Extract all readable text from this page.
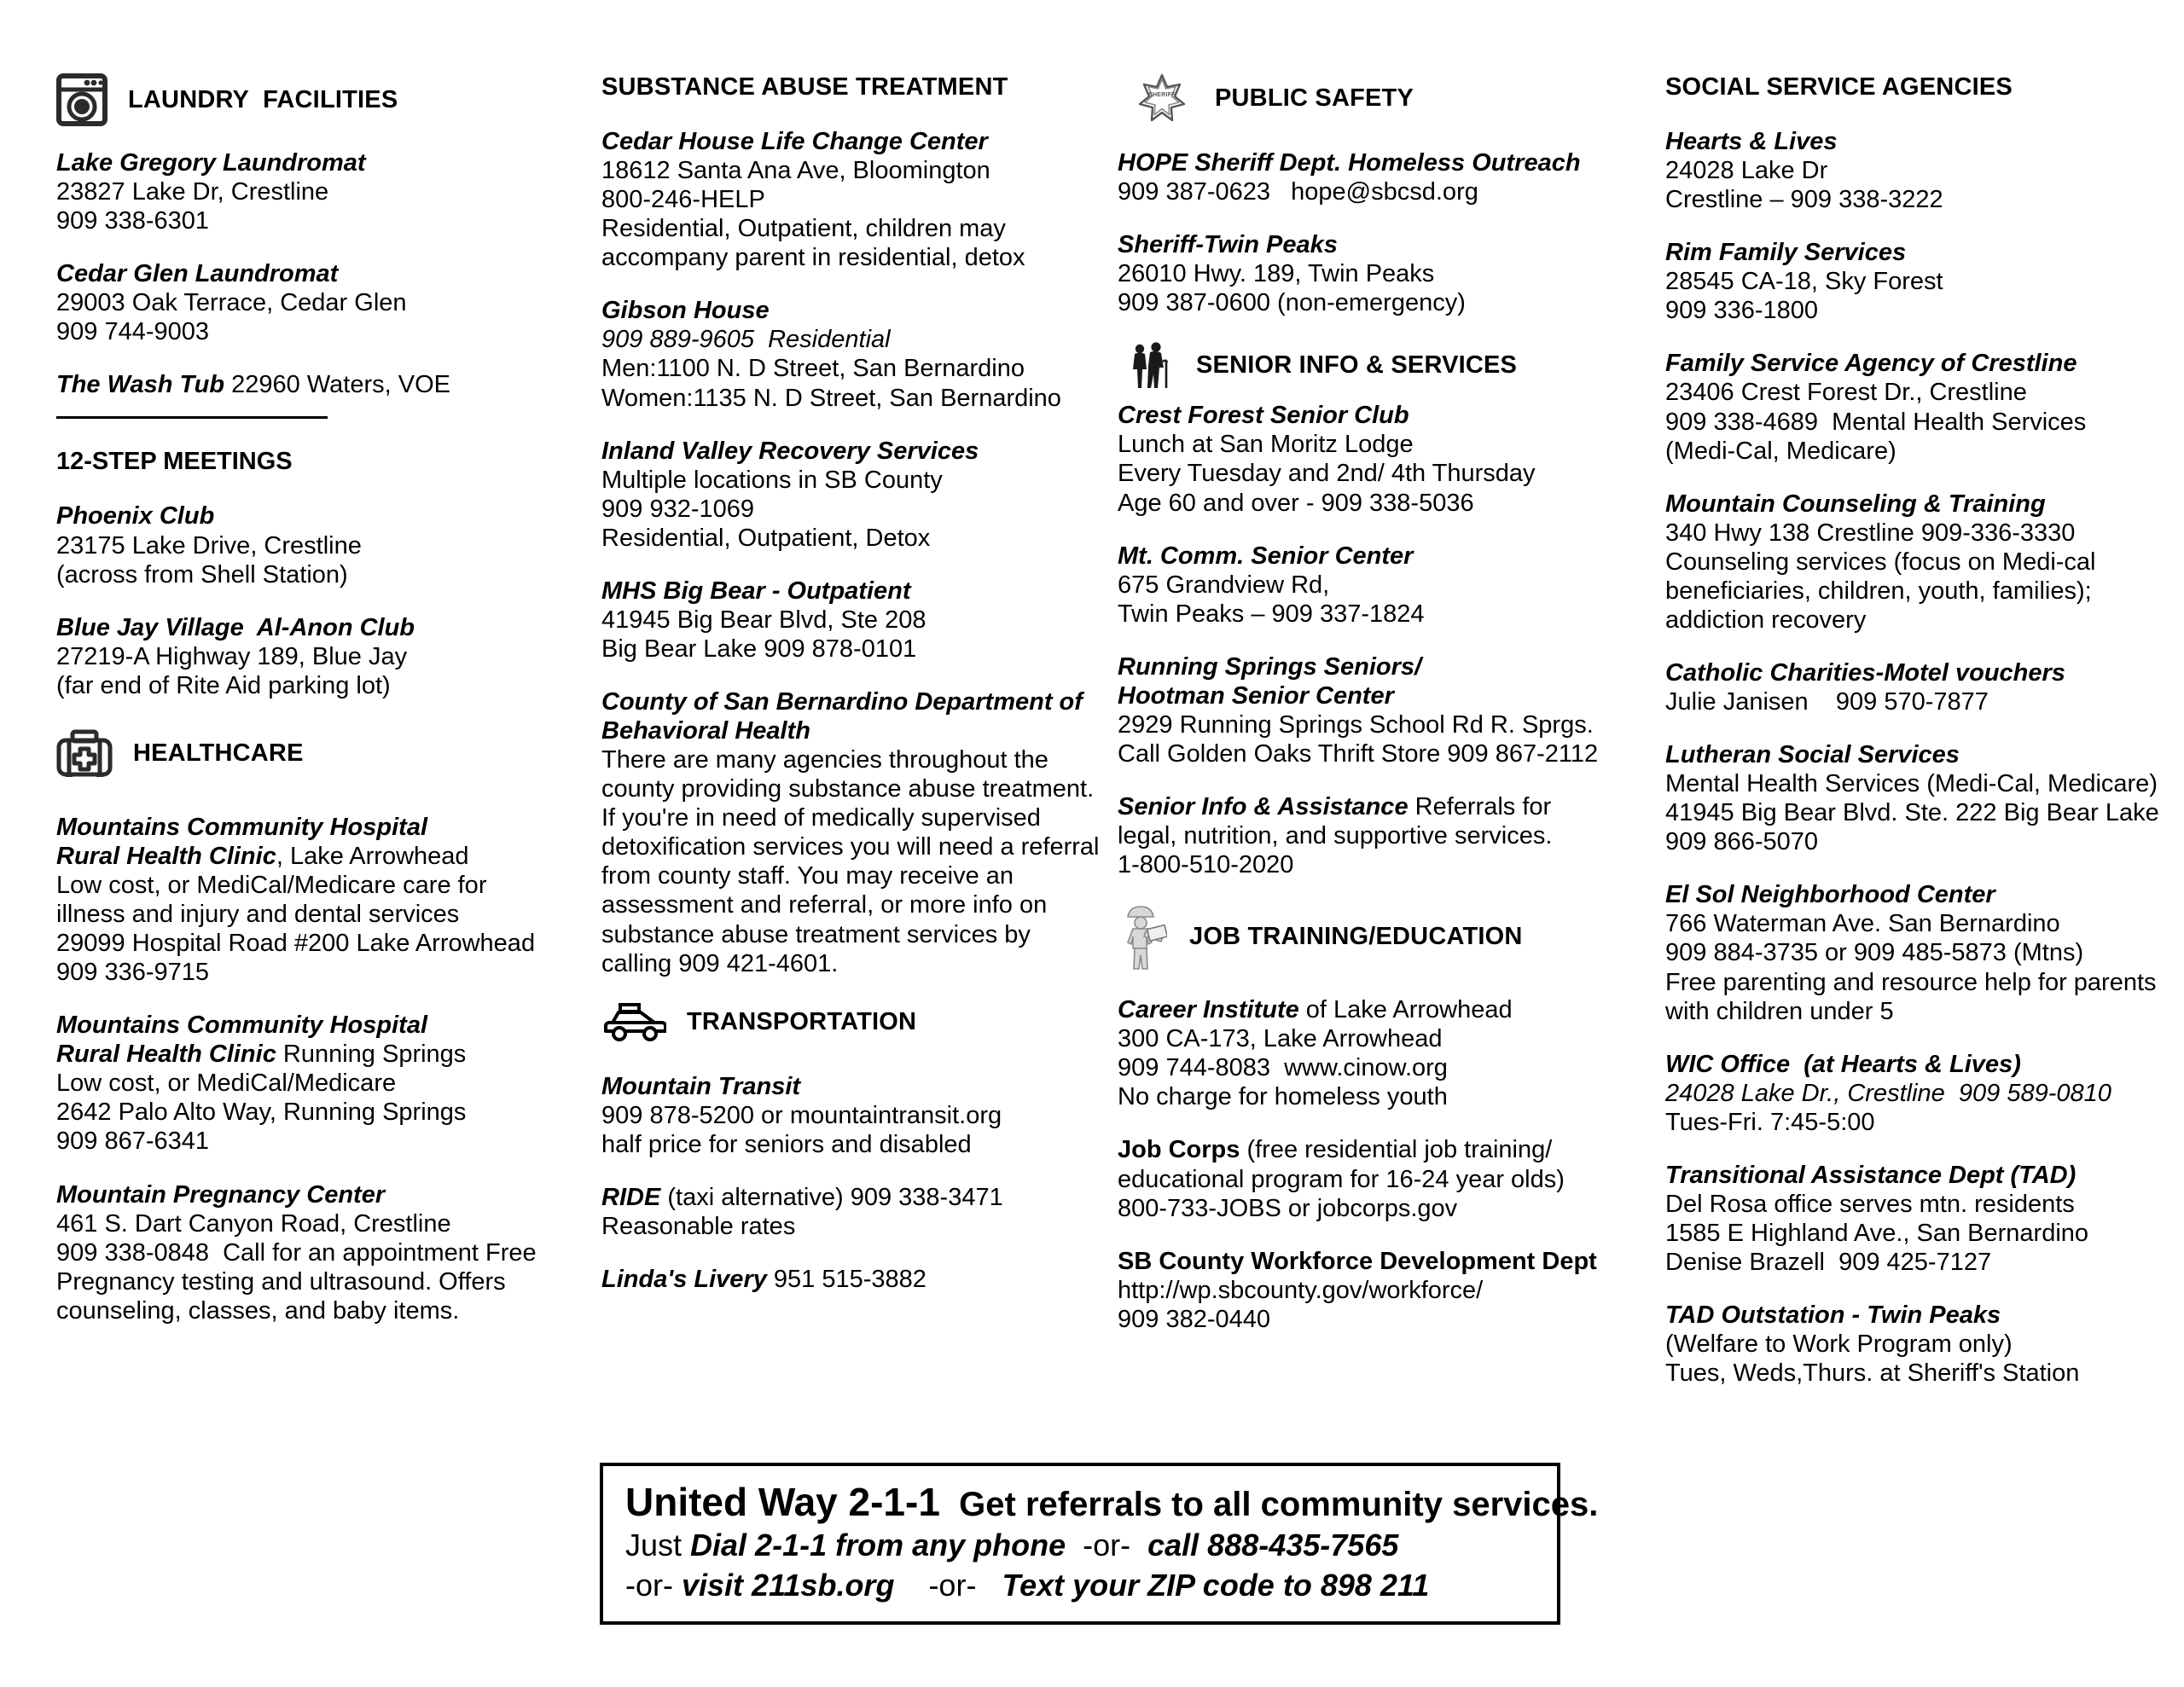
LAUNDRY  FACILITIES
Lake Gregory Laundromat
23827 Lake Dr, Crestline
909 338-6301
Cedar Glen Laundromat
29003 Oak Terrace, Cedar Glen
909 744-9003
The Wash Tub 22960 Waters, VOE
12-STEP MEETINGS
Phoenix Club
23175 Lake Drive, Crestline
(across from Shell Station)
Blue Jay Village  Al-Anon Club
27219-A Highway 189, Blue Jay
(far end of Rite Aid parking lot)
HEALTHCARE
Mountains Community Hospital
Rural Health Clinic, Lake Arrowhead
Low cost, or MediCal/Medicare care for
illness and injury and dental services
29099 Hospital Road #200 Lake Arrowhead
909 336-9715
Mountains Community Hospital
Rural Health Clinic Running Springs
Low cost, or MediCal/Medicare
2642 Palo Alto Way, Running Springs
909 867-6341
Mountain Pregnancy Center
461 S. Dart Canyon Road, Crestline
909 338-0848  Call for an appointment Free
Pregnancy testing and ultrasound. Offers
counseling, classes, and baby items.
SUBSTANCE ABUSE TREATMENT
Cedar House Life Change Center
18612 Santa Ana Ave, Bloomington
800-246-HELP
Residential, Outpatient, children may
accompany parent in residential, detox
Gibson House
909 889-9605  Residential
Men:1100 N. D Street, San Bernardino
Women:1135 N. D Street, San Bernardino
Inland Valley Recovery Services
Multiple locations in SB County
909 932-1069
Residential, Outpatient, Detox
MHS Big Bear - Outpatient
41945 Big Bear Blvd, Ste 208
Big Bear Lake 909 878-0101
County of San Bernardino Department of
Behavioral Health
There are many agencies throughout the
county providing substance abuse treatment.
If you're in need of medically supervised
detoxification services you will need a referral
from county staff. You may receive an
assessment and referral, or more info on
substance abuse treatment services by
calling 909 421-4601.
TRANSPORTATION
Mountain Transit
909 878-5200 or mountaintransit.org
half price for seniors and disabled
RIDE (taxi alternative) 909 338-3471
Reasonable rates
Linda's Livery 951 515-3882
SHERIFF PUBLIC SAFETY
HOPE Sheriff Dept. Homeless Outreach
909 387-0623   hope@sbcsd.org
Sheriff-Twin Peaks
26010 Hwy. 189, Twin Peaks
909 387-0600 (non-emergency)
SENIOR INFO & SERVICES
Crest Forest Senior Club
Lunch at San Moritz Lodge
Every Tuesday and 2nd/ 4th Thursday
Age 60 and over - 909 338-5036
Mt. Comm. Senior Center
675 Grandview Rd,
Twin Peaks – 909 337-1824
Running Springs Seniors/
Hootman Senior Center
2929 Running Springs School Rd R. Sprgs.
Call Golden Oaks Thrift Store 909 867-2112
Senior Info & Assistance Referrals for
legal, nutrition, and supportive services.
1-800-510-2020
JOB TRAINING/EDUCATION
Career Institute of Lake Arrowhead
300 CA-173, Lake Arrowhead
909 744-8083  www.cinow.org
No charge for homeless youth
Job Corps (free residential job training/
educational program for 16-24 year olds)
800-733-JOBS or jobcorps.gov
SB County Workforce Development Dept
http://wp.sbcounty.gov/workforce/
909 382-0440
SOCIAL SERVICE AGENCIES
Hearts & Lives
24028 Lake Dr
Crestline – 909 338-3222
Rim Family Services
28545 CA-18, Sky Forest
909 336-1800
Family Service Agency of Crestline
23406 Crest Forest Dr., Crestline
909 338-4689  Mental Health Services
(Medi-Cal, Medicare)
Mountain Counseling & Training
340 Hwy 138 Crestline 909-336-3330
Counseling services (focus on Medi-cal
beneficiaries, children, youth, families);
addiction recovery
Catholic Charities-Motel vouchers
Julie Janisen    909 570-7877
Lutheran Social Services
Mental Health Services (Medi-Cal, Medicare)
41945 Big Bear Blvd. Ste. 222 Big Bear Lake
909 866-5070
El Sol Neighborhood Center
766 Waterman Ave. San Bernardino
909 884-3735 or 909 485-5873 (Mtns)
Free parenting and resource help for parents
with children under 5
WIC Office  (at Hearts & Lives)
24028 Lake Dr., Crestline  909 589-0810
Tues-Fri. 7:45-5:00
Transitional Assistance Dept (TAD)
Del Rosa office serves mtn. residents
1585 E Highland Ave., San Bernardino
Denise Brazell  909 425-7127
TAD Outstation - Twin Peaks
(Welfare to Work Program only)
Tues, Weds,Thurs. at Sheriff's Station
United Way 2-1-1  Get referrals to all community services.
Just Dial 2-1-1 from any phone  -or-  call 888-435-7565
-or- visit 211sb.org    -or-   Text your ZIP code to 898 211
